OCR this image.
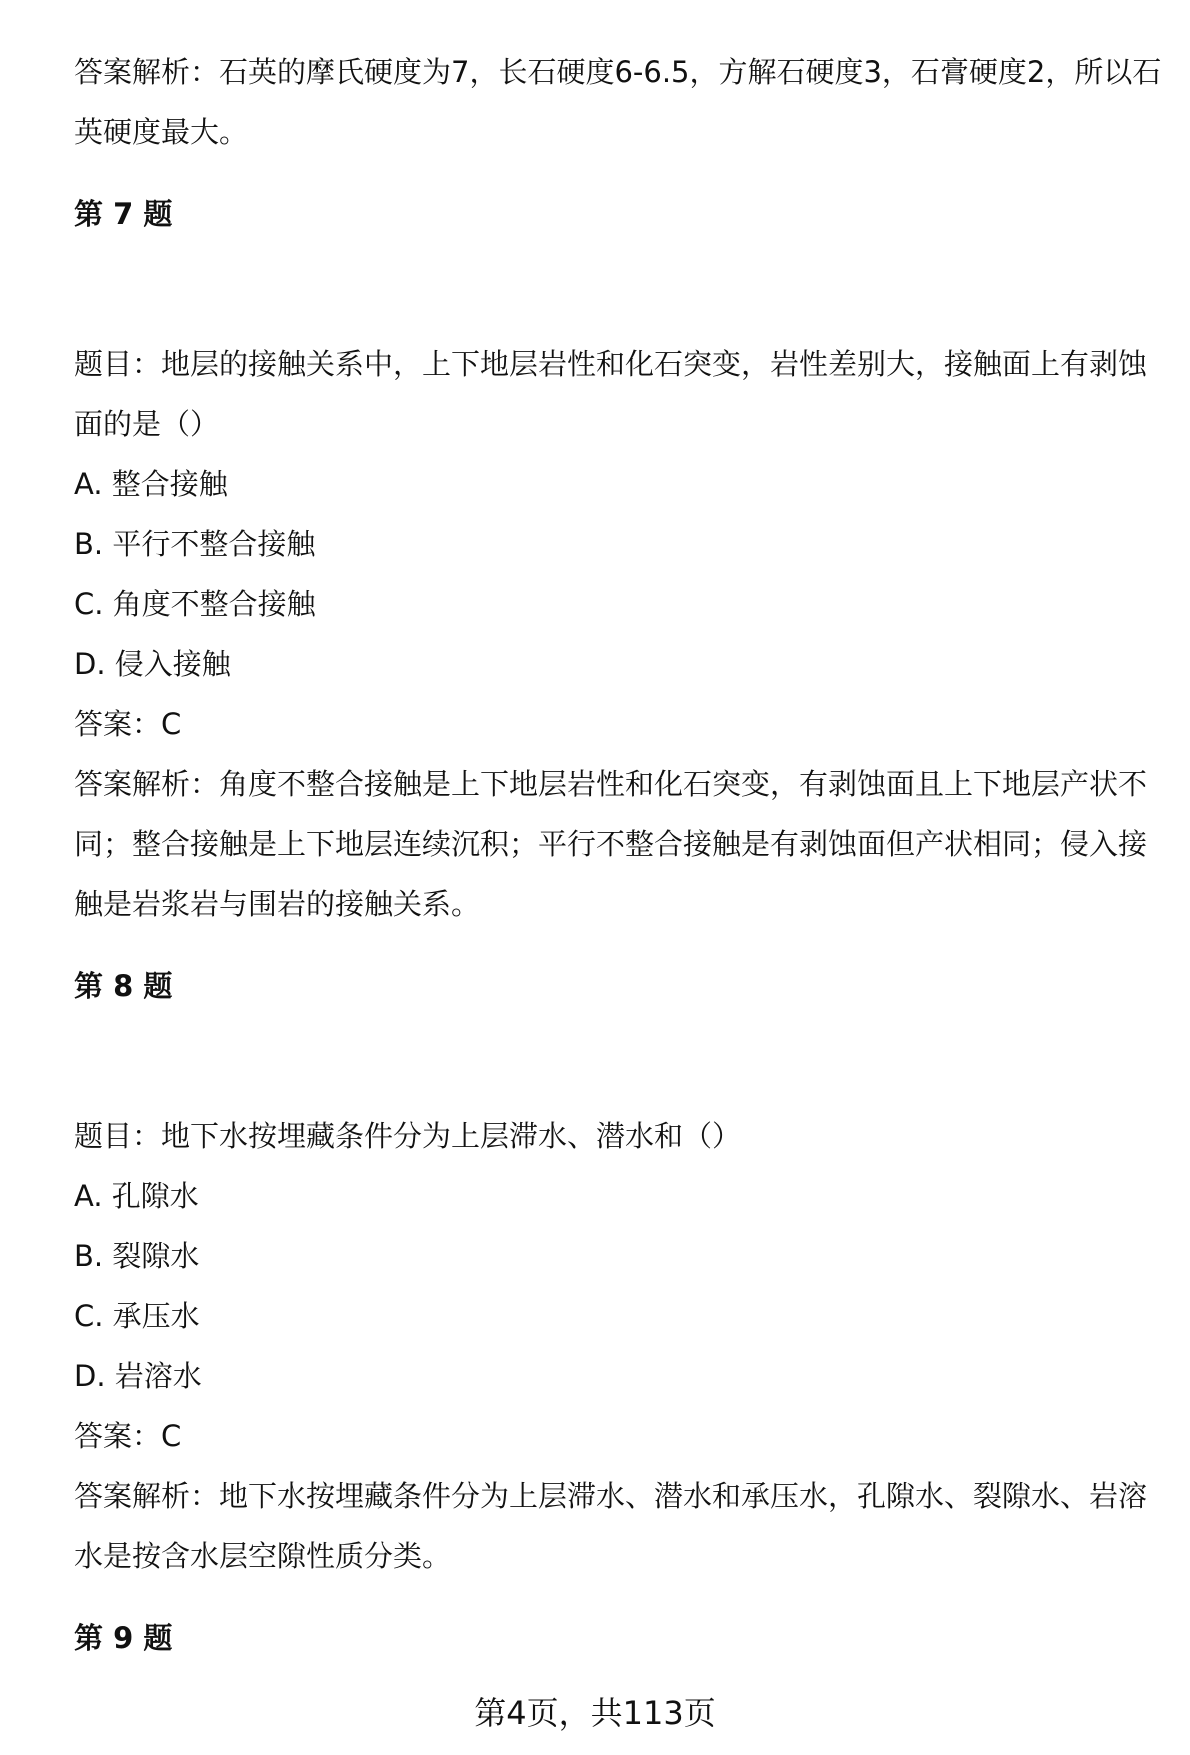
答案解析：石英的摩氏硬度为7，长石硬度6-6.5，方解石硬度3，石膏硬度2，所以石英硬度最大。

第 7 题

题目：地层的接触关系中，上下地层岩性和化石突变，岩性差别大，接触面上有剥蚀面的是（）

A. 整合接触

B. 平行不整合接触

C. 角度不整合接触

D. 侵入接触

答案：C

答案解析：角度不整合接触是上下地层岩性和化石突变，有剥蚀面且上下地层产状不同；整合接触是上下地层连续沉积；平行不整合接触是有剥蚀面但产状相同；侵入接触是岩浆岩与围岩的接触关系。

第 8 题

题目：地下水按埋藏条件分为上层滞水、潜水和（）

A. 孔隙水

B. 裂隙水

C. 承压水

D. 岩溶水

答案：C

答案解析：地下水按埋藏条件分为上层滞水、潜水和承压水，孔隙水、裂隙水、岩溶水是按含水层空隙性质分类。

第 9 题

第4页，共113页
